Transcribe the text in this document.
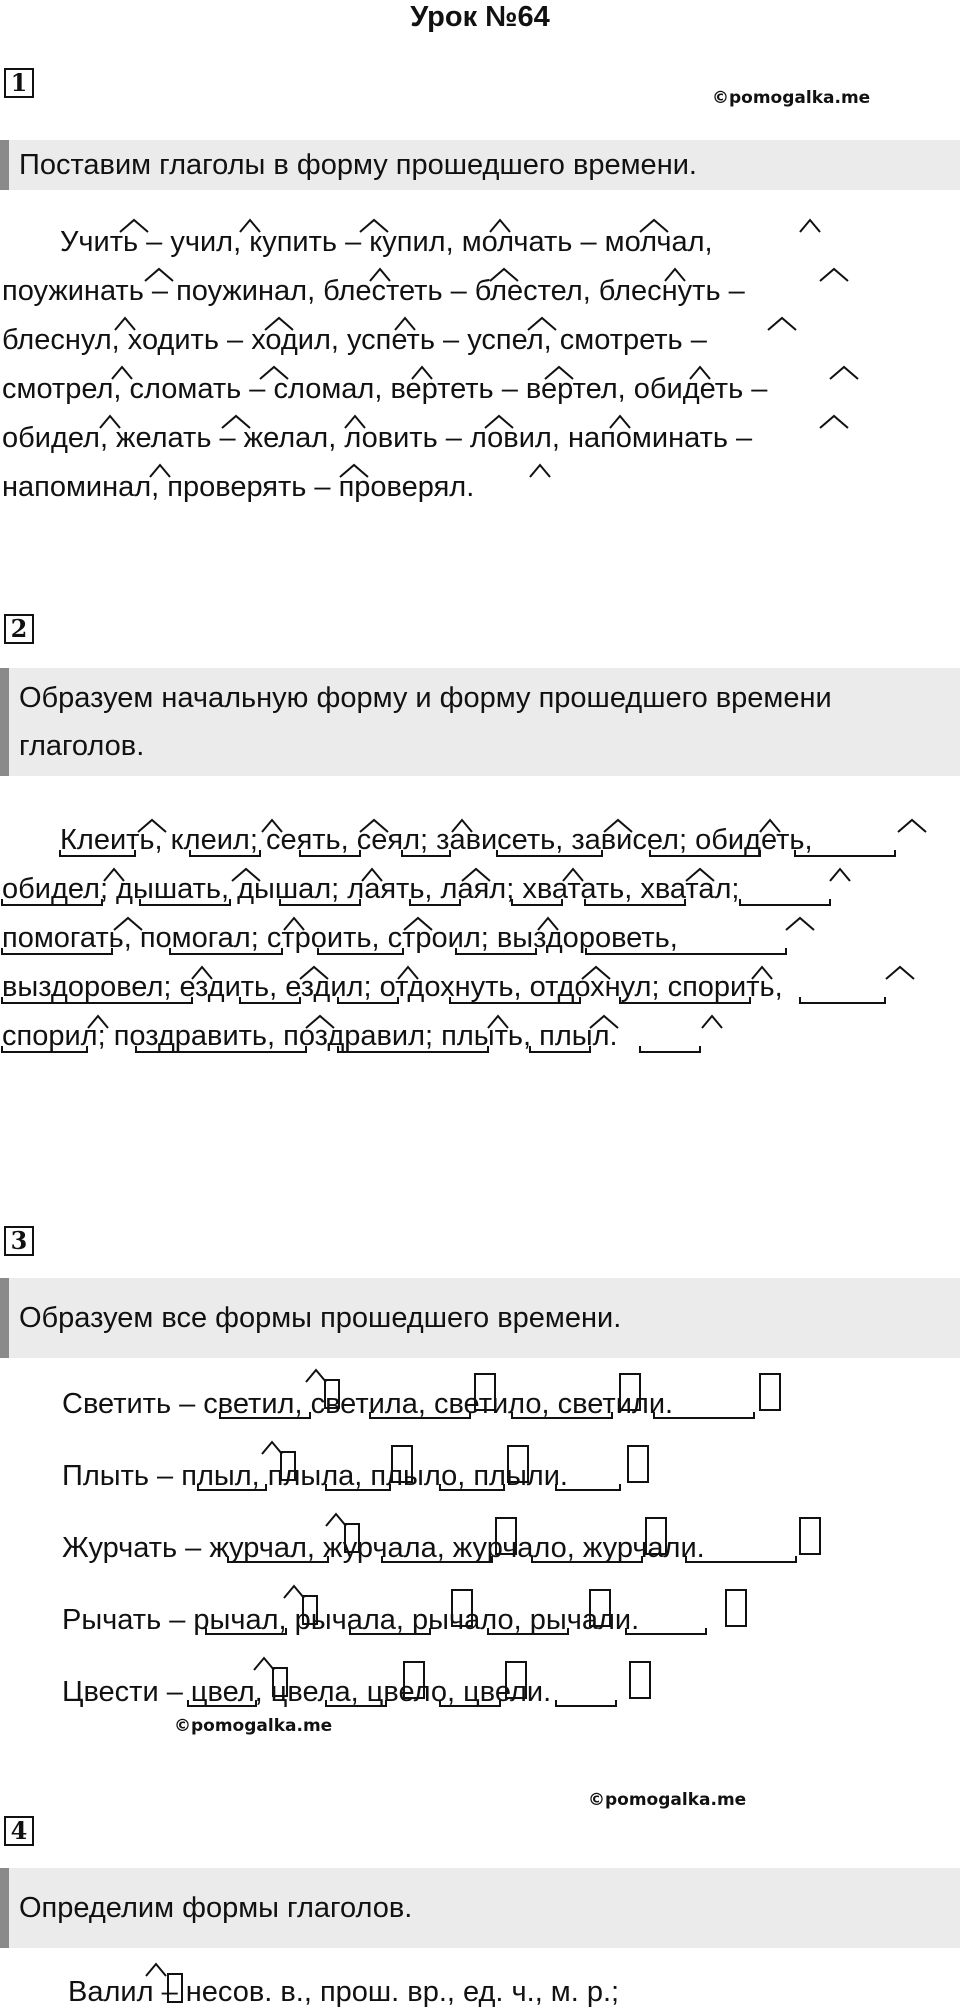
Урок №64
1
©pomogalka.me
Поставим глаголы в форму прошедшего времени.
Учить – учил, купить – купил, молчать – молчал,
поужинать – поужинал, блестеть – блестел, блеснуть –
блеснул, ходить – ходил, успеть – успел, смотреть –
смотрел, сломать – сломал, вертеть – вертел, обидеть –
обидел, желать – желал, ловить – ловил, напоминать –
напоминал, проверять – проверял.
2
Образуем начальную форму и форму прошедшего времени глаголов.
Клеить, клеил; сеять, сеял; зависеть, зависел; обидеть,
обидел; дышать, дышал; лаять, лаял; хватать, хватал;
помогать, помогал; строить, строил; выздороветь,
выздоровел; ездить, ездил; отдохнуть, отдохнул; спорить,
спорил; поздравить, поздравил; плыть, плыл.
3
Образуем все формы прошедшего времени.
Светить – светил, светила, светило, светили.
Плыть – плыл, плыла, плыло, плыли.
Журчать – журчал, журчала, журчало, журчали.
Рычать – рычал, рычала, рычало, рычали.
Цвести – цвел, цвела, цвело, цвели.
©pomogalka.me
©pomogalka.me
4
Определим формы глаголов.
Валил – несов. в., прош. вр., ед. ч., м. р.;
